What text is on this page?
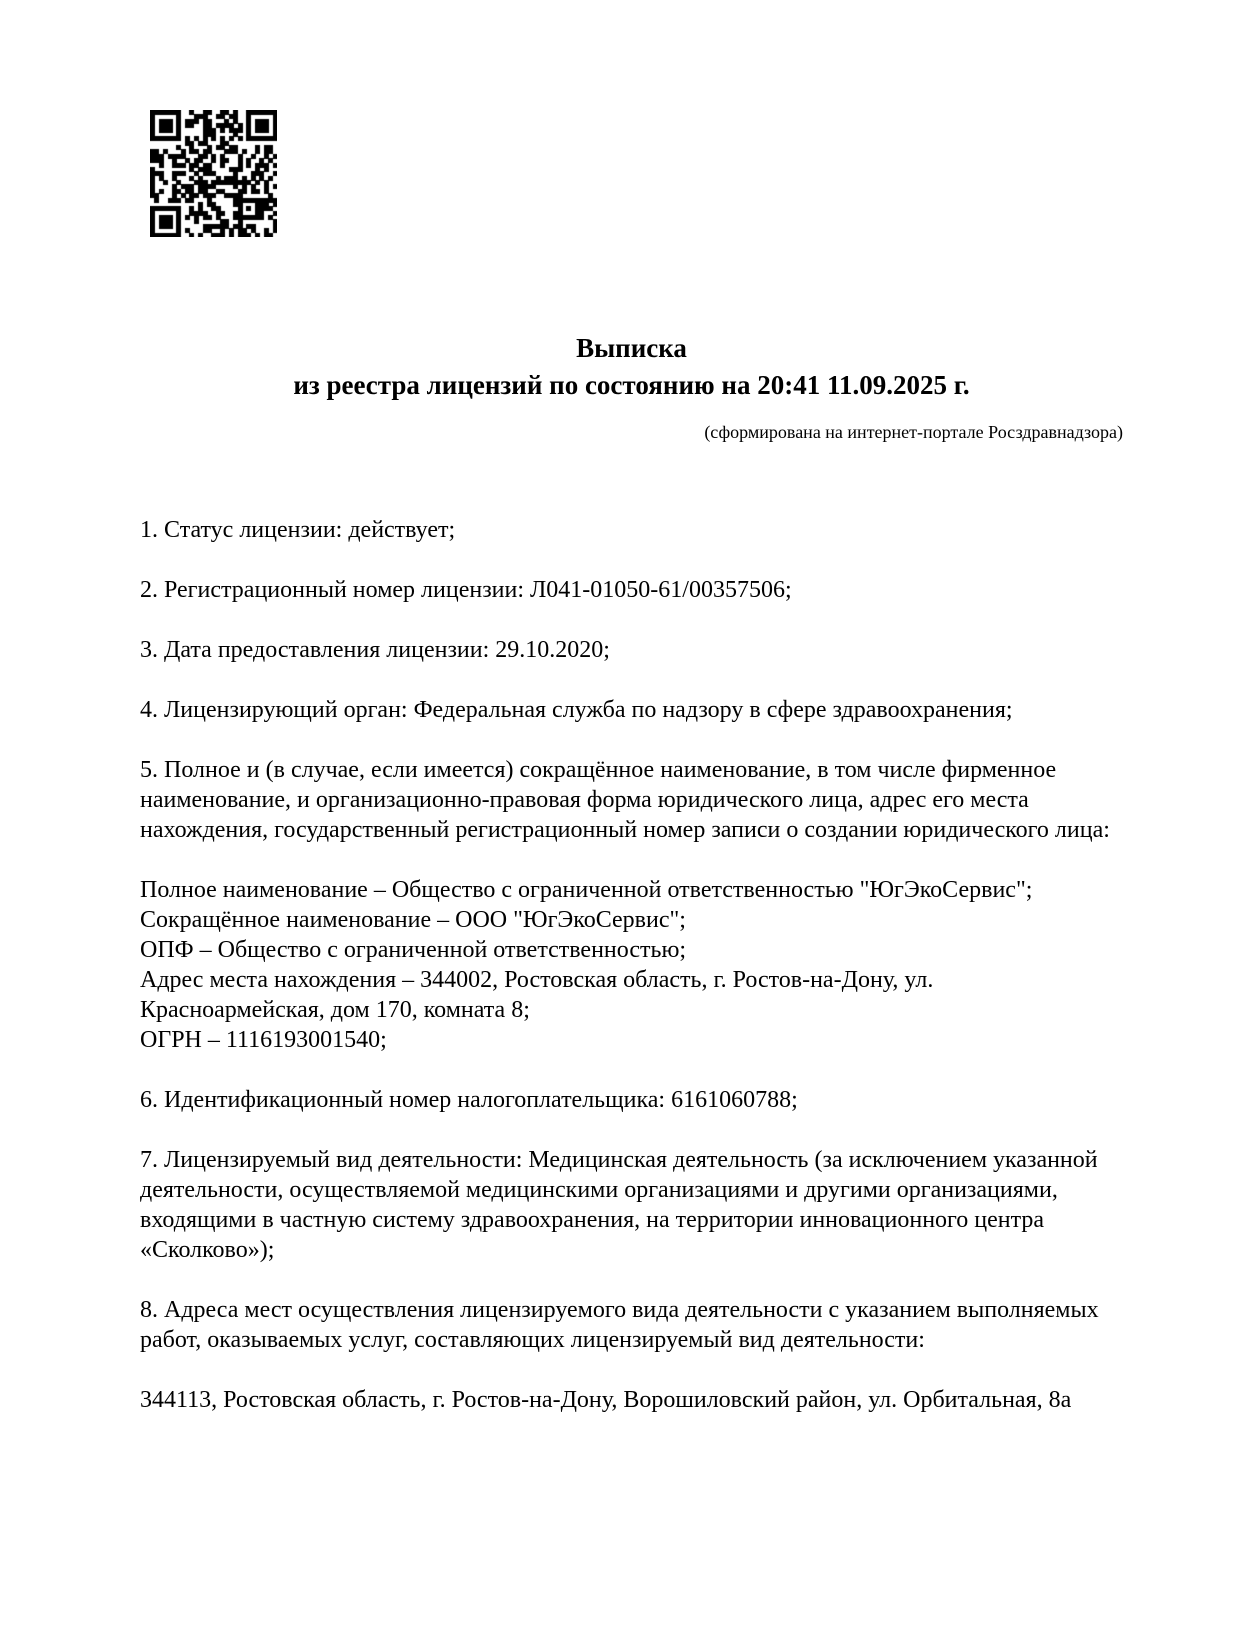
Выписка
из реестра лицензий по состоянию на 20:41 11.09.2025 г.
(сформирована на интернет-портале Росздравнадзора)

1. Статус лицензии: действует;

2. Регистрационный номер лицензии: Л041-01050-61/00357506;

3. Дата предоставления лицензии: 29.10.2020;

4. Лицензирующий орган: Федеральная служба по надзору в сфере здравоохранения;

5. Полное и (в случае, если имеется) сокращённое наименование, в том числе фирменное наименование, и организационно-правовая форма юридического лица, адрес его места нахождения, государственный регистрационный номер записи о создании юридического лица:

Полное наименование – Общество с ограниченной ответственностью "ЮгЭкоСервис";

Сокращённое наименование – ООО "ЮгЭкоСервис";

ОПФ – Общество с ограниченной ответственностью;

Адрес места нахождения – 344002, Ростовская область, г. Ростов-на-Дону, ул. Красноармейская, дом 170, комната 8;

ОГРН – 1116193001540;

6. Идентификационный номер налогоплательщика: 6161060788;

7. Лицензируемый вид деятельности: Медицинская деятельность (за исключением указанной деятельности, осуществляемой медицинскими организациями и другими организациями, входящими в частную систему здравоохранения, на территории инновационного центра «Сколково»);

8. Адреса мест осуществления лицензируемого вида деятельности с указанием выполняемых работ, оказываемых услуг, составляющих лицензируемый вид деятельности:

344113, Ростовская область, г. Ростов-на-Дону, Ворошиловский район, ул. Орбитальная, 8а
